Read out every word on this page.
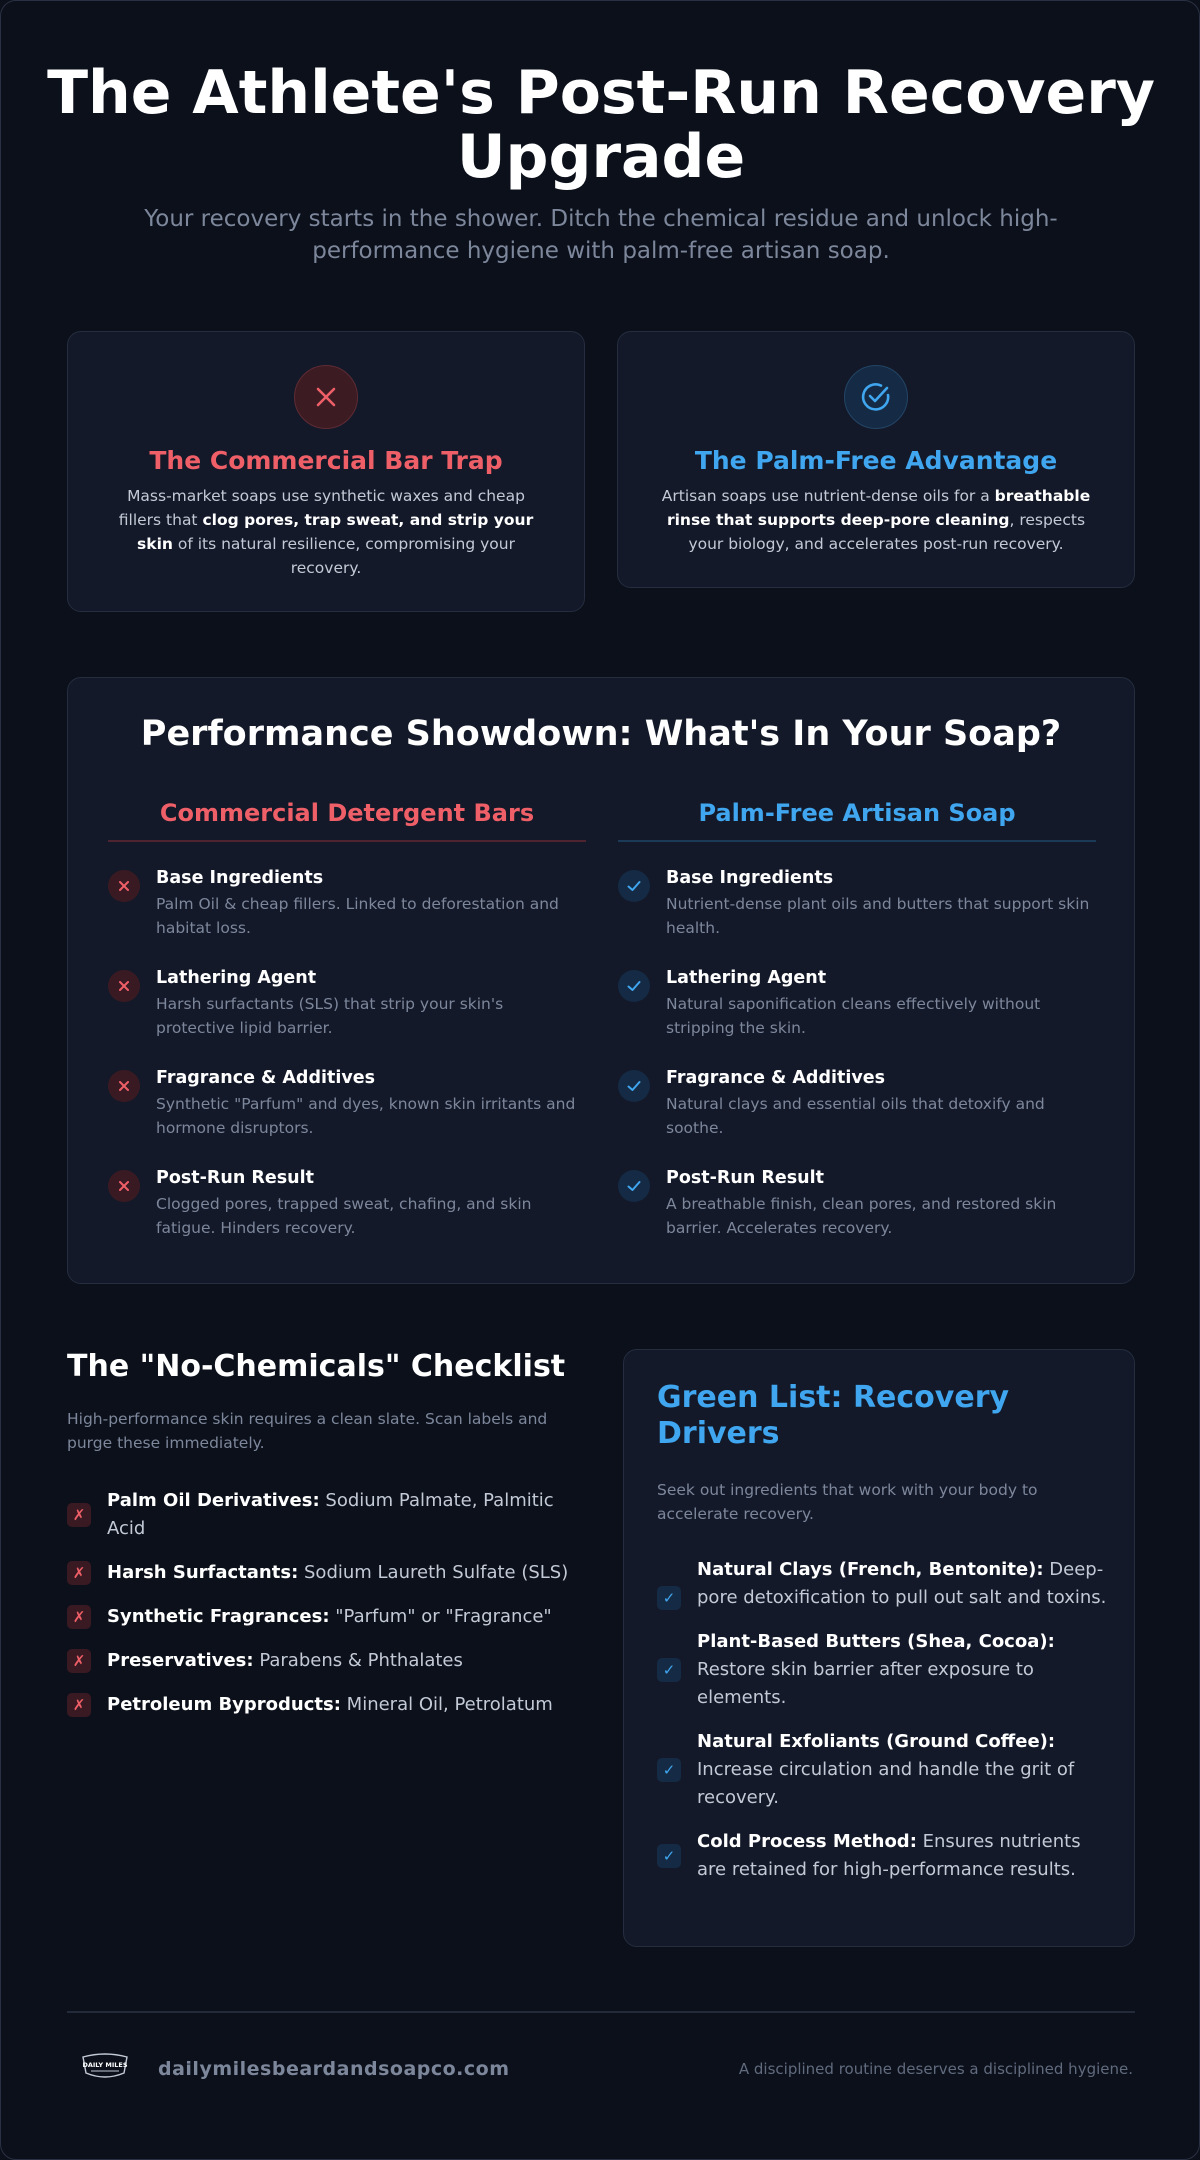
The Athlete's Post-Run Recovery Upgrade

Your recovery starts in the shower. Ditch the chemical residue and unlock high-performance hygiene with palm-free artisan soap.

The Commercial Bar Trap

Mass-market soaps use synthetic waxes and cheap fillers that clog pores, trap sweat, and strip your skin of its natural resilience, compromising your recovery.

The Palm-Free Advantage

Artisan soaps use nutrient-dense oils for a breathable rinse that supports deep-pore cleaning, respects your biology, and accelerates post-run recovery.

Performance Showdown: What's In Your Soap?
Commercial Detergent Bars
Base Ingredients
Palm Oil & cheap fillers. Linked to deforestation and habitat loss.
Lathering Agent
Harsh surfactants (SLS) that strip your skin's protective lipid barrier.
Fragrance & Additives
Synthetic "Parfum" and dyes, known skin irritants and hormone disruptors.
Post-Run Result
Clogged pores, trapped sweat, chafing, and skin fatigue. Hinders recovery.
Palm-Free Artisan Soap
Base Ingredients
Nutrient-dense plant oils and butters that support skin health.
Lathering Agent
Natural saponification cleans effectively without stripping the skin.
Fragrance & Additives
Natural clays and essential oils that detoxify and soothe.
Post-Run Result
A breathable finish, clean pores, and restored skin barrier. Accelerates recovery.
The "No-Chemicals" Checklist

High-performance skin requires a clean slate. Scan labels and purge these immediately.

✗
Palm Oil Derivatives: Sodium Palmate, Palmitic Acid
✗	Harsh Surfactants: Sodium Laureth Sulfate (SLS)
✗	Synthetic Fragrances: "Parfum" or "Fragrance"
✗	Preservatives: Parabens & Phthalates
✗	Petroleum Byproducts: Mineral Oil, Petrolatum
Green List: Recovery Drivers

Seek out ingredients that work with your body to accelerate recovery.

✓
Natural Clays (French, Bentonite): Deep-pore detoxification to pull out salt and toxins.
✓
Plant-Based Butters (Shea, Cocoa): Restore skin barrier after exposure to elements.
✓
Natural Exfoliants (Ground Coffee): Increase circulation and handle the grit of recovery.
✓
Cold Process Method: Ensures nutrients are retained for high-performance results.
DAILY MILES dailymilesbeardandsoapco.com	A disciplined routine deserves a disciplined hygiene.
